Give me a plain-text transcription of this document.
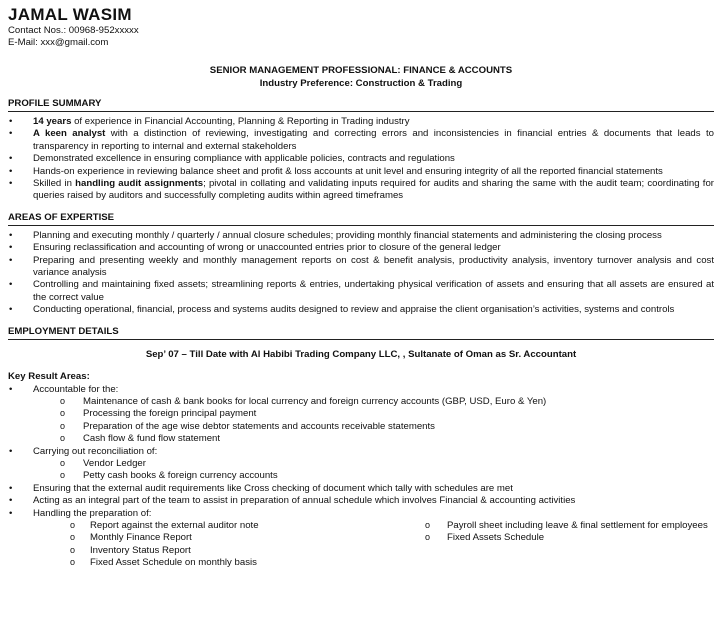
JAMAL WASIM
Contact Nos.: 00968-952xxxxx
E-Mail: xxx@gmail.com
SENIOR MANAGEMENT PROFESSIONAL: FINANCE & ACCOUNTS
Industry Preference: Construction & Trading
PROFILE SUMMARY
• 14 years of experience in Financial Accounting, Planning & Reporting in Trading industry
• A keen analyst with a distinction of reviewing, investigating and correcting errors and inconsistencies in financial entries & documents that leads to transparency in reporting to internal and external stakeholders
• Demonstrated excellence in ensuring compliance with applicable policies, contracts and regulations
• Hands-on experience in reviewing balance sheet and profit & loss accounts at unit level and ensuring integrity of all the reported financial statements
• Skilled in handling audit assignments; pivotal in collating and validating inputs required for audits and sharing the same with the audit team; coordinating for queries raised by auditors and successfully completing audits within agreed timeframes
AREAS OF EXPERTISE
• Planning and executing monthly / quarterly / annual closure schedules; providing monthly financial statements and administering the closing process
• Ensuring reclassification and accounting of wrong or unaccounted entries prior to closure of the general ledger
• Preparing and presenting weekly and monthly management reports on cost & benefit analysis, productivity analysis, inventory turnover analysis and cost variance analysis
• Controlling and maintaining fixed assets; streamlining reports & entries, undertaking physical verification of assets and ensuring that all assets are ensured at the correct value
• Conducting operational, financial, process and systems audits designed to review and appraise the client organisation’s activities, systems and controls
EMPLOYMENT DETAILS
Sep’ 07 – Till Date with Al Habibi Trading Company LLC, , Sultanate of Oman as Sr. Accountant
Key Result Areas:
• Accountable for the:
o Maintenance of cash & bank books for local currency and foreign currency accounts (GBP, USD, Euro & Yen)
o Processing the foreign principal payment
o Preparation of the age wise debtor statements and accounts receivable statements
o Cash flow & fund flow statement
• Carrying out reconciliation of:
o Vendor Ledger
o Petty cash books & foreign currency accounts
• Ensuring that the external audit requirements like Cross checking of document which tally with schedules are met
• Acting as an integral part of the team to assist in preparation of annual schedule which involves Financial & accounting activities
• Handling the preparation of:
o Report against the external auditor note
o Monthly Finance Report
o Inventory Status Report
o Fixed Asset Schedule on monthly basis
o Payroll sheet including leave & final settlement for employees
o Fixed Assets Schedule
